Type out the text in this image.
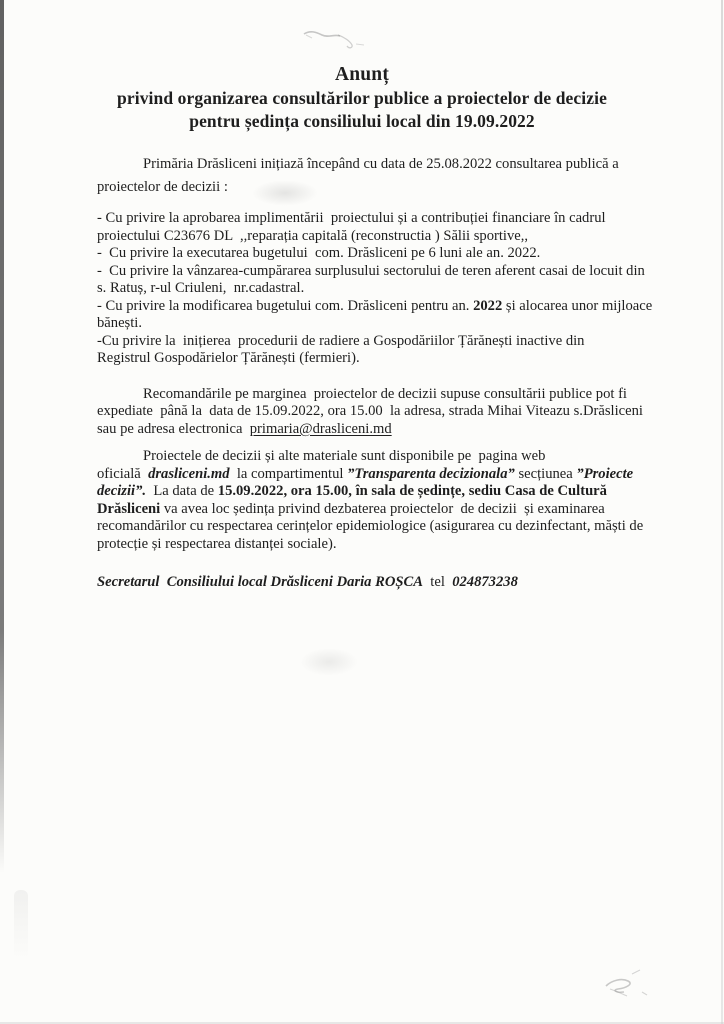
Anunț
privind organizarea consultărilor publice a proiectelor de decizie
pentru ședința consiliului local din 19.09.2022
Primăria Drăsliceni inițiază începând cu data de 25.08.2022 consultarea publică a
proiectelor de decizii :
- Cu privire la aprobarea implimentării  proiectului și a contribuției financiare în cadrul
proiectului C23676 DL  ,,reparația capitală (reconstructia ) Sălii sportive,,
-  Cu privire la executarea bugetului  com. Drăsliceni pe 6 luni ale an. 2022.
-  Cu privire la vânzarea-cumpărarea surplusului sectorului de teren aferent casai de locuit din
s. Ratuș, r-ul Criuleni,  nr.cadastral.
- Cu privire la modificarea bugetului com. Drăsliceni pentru an. 2022 și alocarea unor mijloace
bănești.
-Cu privire la  inițierea  procedurii de radiere a Gospodăriilor Țărănești inactive din
Registrul Gospodărielor Țărănești (fermieri).
Recomandările pe marginea  proiectelor de decizii supuse consultării publice pot fi
expediate  până la  data de 15.09.2022, ora 15.00  la adresa, strada Mihai Viteazu s.Drăsliceni
sau pe adresa electronica  primaria@drasliceni.md
Proiectele de decizii și alte materiale sunt disponibile pe  pagina web
oficială  drasliceni.md  la compartimentul ”Transparenta decizionala” secțiunea ”Proiecte
decizii”.  La data de 15.09.2022, ora 15.00, în sala de ședințe, sediu Casa de Cultură
Drăsliceni va avea loc ședința privind dezbaterea proiectelor  de decizii  și examinarea
recomandărilor cu respectarea cerințelor epidemiologice (asigurarea cu dezinfectant, măști de
protecție și respectarea distanței sociale).
Secretarul  Consiliului local Drăsliceni Daria ROȘCA  tel  024873238
